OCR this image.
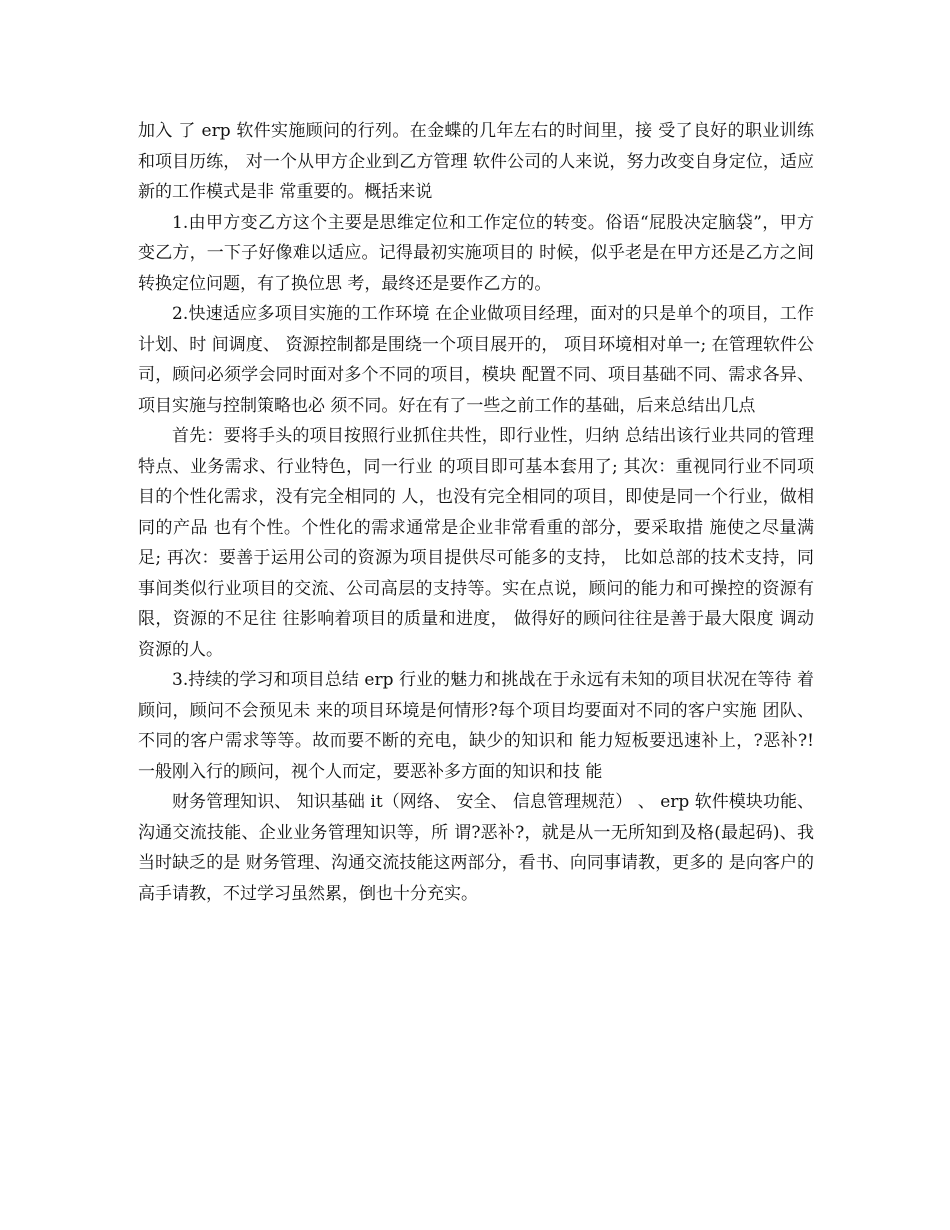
加入 了 erp 软件实施顾问的行列。在金蝶的几年左右的时间里，接 受了良好的职业训练和项目历练， 对一个从甲方企业到乙方管理 软件公司的人来说，努力改变自身定位，适应新的工作模式是非 常重要的。概括来说

1.由甲方变乙方这个主要是思维定位和工作定位的转变。俗语“屁股决定脑袋”，甲方变乙方，一下子好像难以适应。记得最初实施项目的 时候，似乎老是在甲方还是乙方之间转换定位问题，有了换位思 考，最终还是要作乙方的。

2.快速适应多项目实施的工作环境 在企业做项目经理，面对的只是单个的项目，工作计划、时 间调度、 资源控制都是围绕一个项目展开的， 项目环境相对单一; 在管理软件公司，顾问必须学会同时面对多个不同的项目，模块 配置不同、项目基础不同、需求各异、项目实施与控制策略也必 须不同。好在有了一些之前工作的基础，后来总结出几点

首先：要将手头的项目按照行业抓住共性，即行业性，归纳 总结出该行业共同的管理特点、业务需求、行业特色，同一行业 的项目即可基本套用了; 其次：重视同行业不同项目的个性化需求，没有完全相同的 人，也没有完全相同的项目，即使是同一个行业，做相同的产品 也有个性。个性化的需求通常是企业非常看重的部分，要采取措 施使之尽量满足; 再次：要善于运用公司的资源为项目提供尽可能多的支持， 比如总部的技术支持，同事间类似行业项目的交流、公司高层的支持等。实在点说，顾问的能力和可操控的资源有限，资源的不足往 往影响着项目的质量和进度， 做得好的顾问往往是善于最大限度 调动资源的人。

3.持续的学习和项目总结 erp 行业的魅力和挑战在于永远有未知的项目状况在等待 着顾问，顾问不会预见未 来的项目环境是何情形?每个项目均要面对不同的客户实施 团队、不同的客户需求等等。故而要不断的充电，缺少的知识和 能力短板要迅速补上，?恶补?! 一般刚入行的顾问，视个人而定，要恶补多方面的知识和技 能

财务管理知识、 知识基础 it（网络、 安全、 信息管理规范） 、 erp 软件模块功能、沟通交流技能、企业业务管理知识等，所 谓?恶补?，就是从一无所知到及格(最起码)、我当时缺乏的是 财务管理、沟通交流技能这两部分，看书、向同事请教，更多的 是向客户的高手请教，不过学习虽然累，倒也十分充实。
